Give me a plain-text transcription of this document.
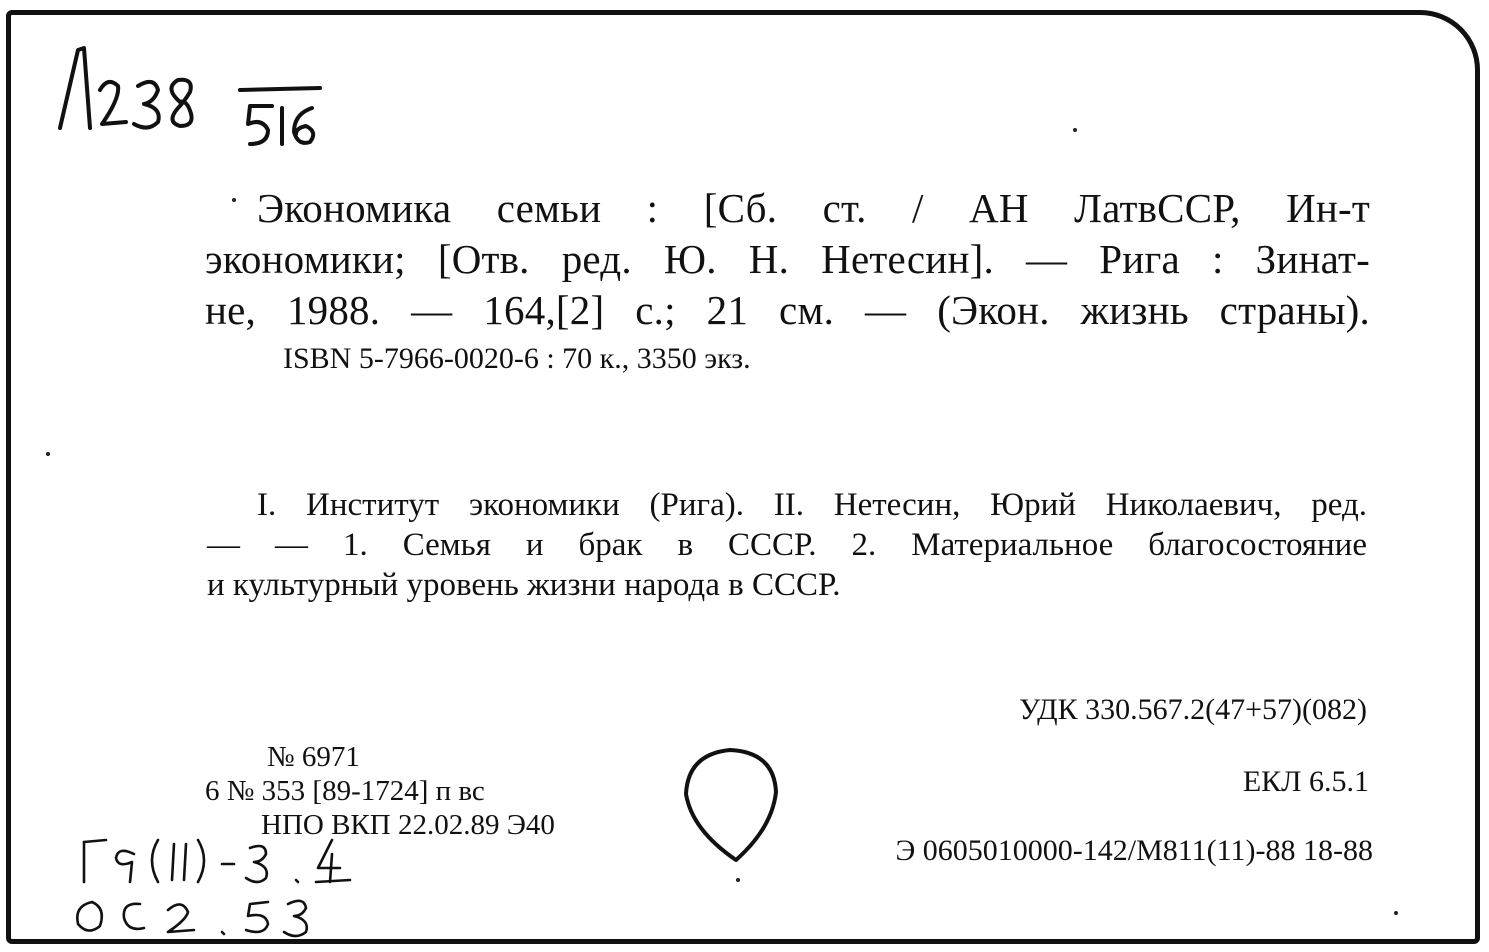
Экономика семьи : [Сб. ст. / АН ЛатвССР, Ин-т
экономики; [Отв. ред. Ю. Н. Нетесин]. — Рига : Зинат-
не, 1988. — 164,[2] с.; 21 см. — (Экон. жизнь страны).
ISBN 5-7966-0020-6 : 70 к., 3350 экз.
I. Институт экономики (Рига). II. Нетесин, Юрий Николаевич, ред.
— — 1. Семья и брак в СССР. 2. Материальное благосостояние
и культурный уровень жизни народа в СССР.
УДК 330.567.2(47+57)(082)
ЕКЛ 6.5.1
Э 0605010000-142/М811(11)-88 18-88
№ 6971
6 № 353 [89-1724] п вс
НПО ВКП 22.02.89 Э40
